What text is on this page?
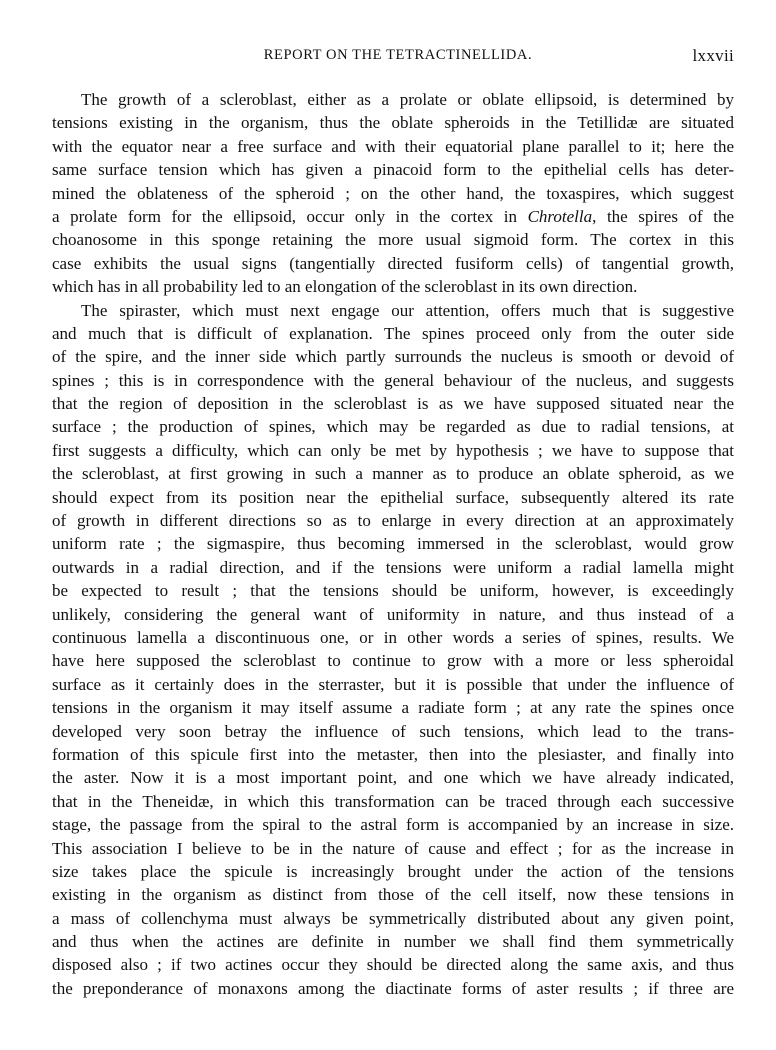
REPORT ON THE TETRACTINELLIDA.	lxxvii
The growth of a scleroblast, either as a prolate or oblate ellipsoid, is determined by
tensions existing in the organism, thus the oblate spheroids in the Tetillidæ are situated
with the equator near a free surface and with their equatorial plane parallel to it; here the
same surface tension which has given a pinacoid form to the epithelial cells has deter-
mined the oblateness of the spheroid ; on the other hand, the toxaspires, which suggest
a prolate form for the ellipsoid, occur only in the cortex in Chrotella, the spires of the
choanosome in this sponge retaining the more usual sigmoid form. The cortex in this
case exhibits the usual signs (tangentially directed fusiform cells) of tangential growth,
which has in all probability led to an elongation of the scleroblast in its own direction.
The spiraster, which must next engage our attention, offers much that is suggestive
and much that is difficult of explanation. The spines proceed only from the outer side
of the spire, and the inner side which partly surrounds the nucleus is smooth or devoid of
spines ; this is in correspondence with the general behaviour of the nucleus, and suggests
that the region of deposition in the scleroblast is as we have supposed situated near the
surface ; the production of spines, which may be regarded as due to radial tensions, at
first suggests a difficulty, which can only be met by hypothesis ; we have to suppose that
the scleroblast, at first growing in such a manner as to produce an oblate spheroid, as we
should expect from its position near the epithelial surface, subsequently altered its rate
of growth in different directions so as to enlarge in every direction at an approximately
uniform rate ; the sigmaspire, thus becoming immersed in the scleroblast, would grow
outwards in a radial direction, and if the tensions were uniform a radial lamella might
be expected to result ; that the tensions should be uniform, however, is exceedingly
unlikely, considering the general want of uniformity in nature, and thus instead of a
continuous lamella a discontinuous one, or in other words a series of spines, results. We
have here supposed the scleroblast to continue to grow with a more or less spheroidal
surface as it certainly does in the sterraster, but it is possible that under the influence of
tensions in the organism it may itself assume a radiate form ; at any rate the spines once
developed very soon betray the influence of such tensions, which lead to the trans-
formation of this spicule first into the metaster, then into the plesiaster, and finally into
the aster. Now it is a most important point, and one which we have already indicated,
that in the Theneidæ, in which this transformation can be traced through each successive
stage, the passage from the spiral to the astral form is accompanied by an increase in size.
This association I believe to be in the nature of cause and effect ; for as the increase in
size takes place the spicule is increasingly brought under the action of the tensions
existing in the organism as distinct from those of the cell itself, now these tensions in
a mass of collenchyma must always be symmetrically distributed about any given point,
and thus when the actines are definite in number we shall find them symmetrically
disposed also ; if two actines occur they should be directed along the same axis, and thus
the preponderance of monaxons among the diactinate forms of aster results ; if three are
